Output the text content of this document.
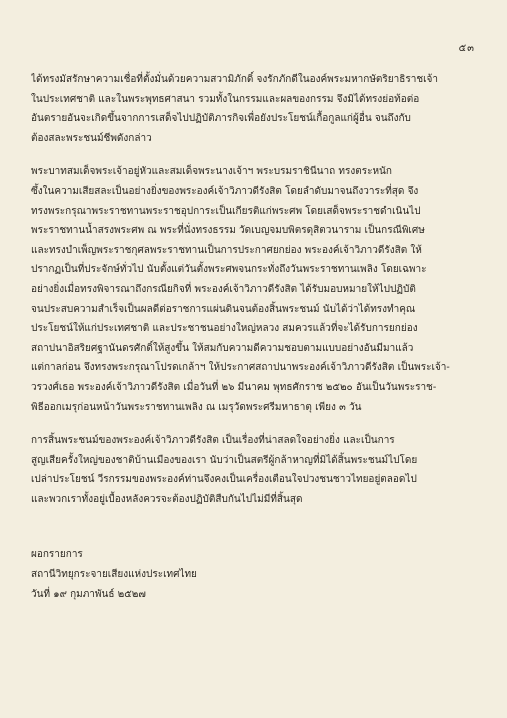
๕๓
ได้ทรงมัสรักษาความเชื่อที่ตั้งมั่นด้วยความสวามิภักดิ์ จงรักภักดีในองค์พระมหากษัตริยาธิราชเจ้า
ในประเทศชาติ และในพระพุทธศาสนา รวมทั้งในกรรมและผลของกรรม จึงมิได้ทรงย่อท้อต่อ
อันตรายอันจะเกิดขึ้นจากการเสด็จไปปฏิบัติภารกิจเพื่อยังประโยชน์เกื้อกูลแก่ผู้อื่น จนถึงกับ
ต้องสละพระชนม์ชีพดังกล่าว
พระบาทสมเด็จพระเจ้าอยู่หัวและสมเด็จพระนางเจ้าฯ พระบรมราชินีนาถ ทรงตระหนัก
ซึ้งในความเสียสละเป็นอย่างยิ่งของพระองค์เจ้าวิภาวดีรังสิต โดยลำดับมาจนถึงวาระที่สุด จึง
ทรงพระกรุณาพระราชทานพระราชอุปการะเป็นเกียรติแก่พระศพ โดยเสด็จพระราชดำเนินไป
พระราชทานน้ำสรงพระศพ ณ พระที่นั่งทรงธรรม วัดเบญจมบพิตรดุสิตวนาราม เป็นกรณีพิเศษ
และทรงบำเพ็ญพระราชกุศลพระราชทานเป็นการประกาศยกย่อง พระองค์เจ้าวิภาวดีรังสิต ให้
ปรากฏเป็นที่ประจักษ์ทั่วไป นับตั้งแต่วันตั้งพระศพจนกระทั่งถึงวันพระราชทานเพลิง โดยเฉพาะ
อย่างยิ่งเมื่อทรงพิจารณาถึงกรณียกิจที่ พระองค์เจ้าวิภาวดีรังสิต ได้รับมอบหมายให้ไปปฏิบัติ
จนประสบความสำเร็จเป็นผลดีต่อราชการแผ่นดินจนต้องสิ้นพระชนม์ นับได้ว่าได้ทรงทำคุณ
ประโยชน์ให้แก่ประเทศชาติ และประชาชนอย่างใหญ่หลวง สมควรแล้วที่จะได้รับการยกย่อง
สถาปนาอิสริยศฐานันดรศักดิ์ให้สูงขึ้น ให้สมกับความดีความชอบตามแบบอย่างอันมีมาแล้ว
แต่กาลก่อน จึงทรงพระกรุณาโปรดเกล้าฯ ให้ประกาศสถาปนาพระองค์เจ้าวิภาวดีรังสิต เป็นพระเจ้า-
วรวงศ์เธอ พระองค์เจ้าวิภาวดีรังสิต เมื่อวันที่ ๒๖ มีนาคม พุทธศักราช ๒๕๒๐ อันเป็นวันพระราช-
พิธีออกเมรุก่อนหน้าวันพระราชทานเพลิง ณ เมรุวัดพระศรีมหาธาตุ เพียง ๓ วัน
การสิ้นพระชนม์ของพระองค์เจ้าวิภาวดีรังสิต เป็นเรื่องที่น่าสลดใจอย่างยิ่ง และเป็นการ
สูญเสียครั้งใหญ่ของชาติบ้านเมืองของเรา นับว่าเป็นสตรีผู้กล้าหาญที่มิได้สิ้นพระชนม์ไปโดย
เปล่าประโยชน์ วีรกรรมของพระองค์ท่านจึงคงเป็นเครื่องเตือนใจปวงชนชาวไทยอยู่ตลอดไป
และพวกเราทั้งอยู่เบื้องหลังควรจะต้องปฏิบัติสืบกันไปไม่มีที่สิ้นสุด
ผอกรายการ
สถานีวิทยุกระจายเสียงแห่งประเทศไทย
วันที่ ๑๙ กุมภาพันธ์ ๒๕๒๗
